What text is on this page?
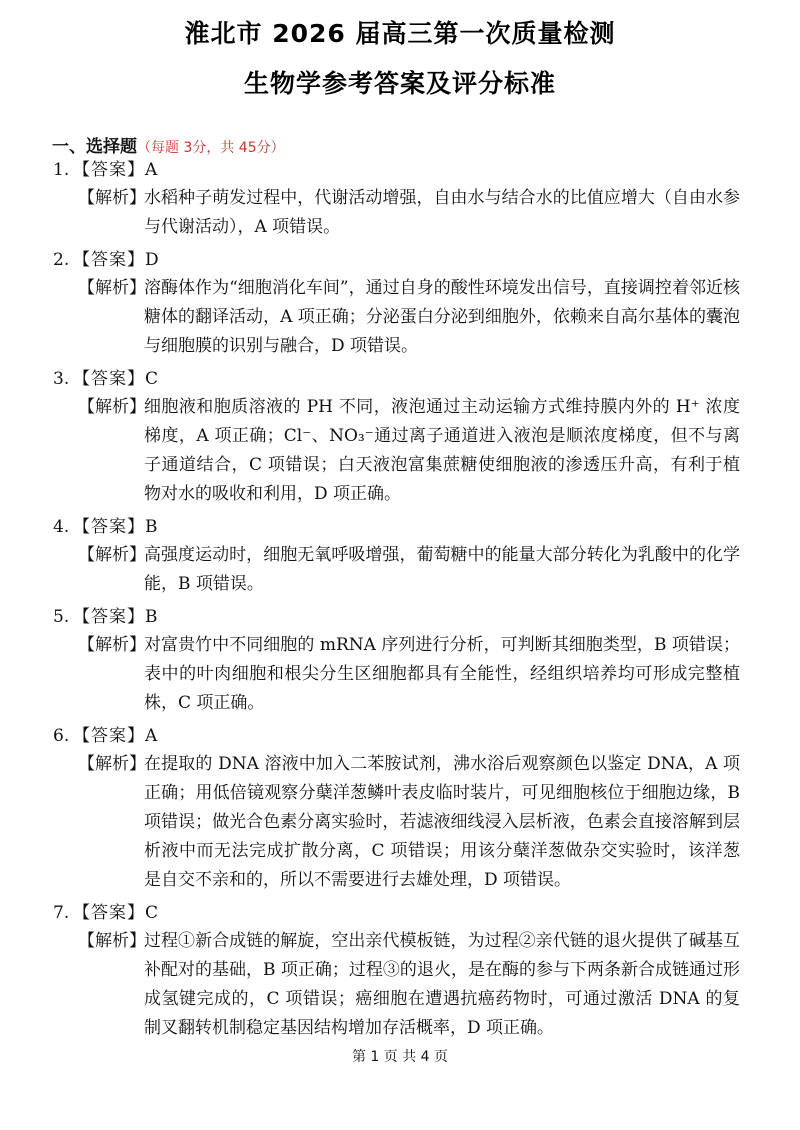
淮北市 2026 届高三第一次质量检测
生物学参考答案及评分标准
一、选择题（每题 3分，共 45分）
1. 【答案】A
【解析】
水稻种子萌发过程中，代谢活动增强，自由水与结合水的比值应增大（自由水参与代谢活动），A 项错误。
2. 【答案】D
【解析】
溶酶体作为“细胞消化车间”，通过自身的酸性环境发出信号，直接调控着邻近核糖体的翻译活动，A 项正确；分泌蛋白分泌到细胞外，依赖来自高尔基体的囊泡与细胞膜的识别与融合，D 项错误。
3. 【答案】C
【解析】
细胞液和胞质溶液的 PH 不同，液泡通过主动运输方式维持膜内外的 H⁺ 浓度梯度，A 项正确；Cl⁻、NO₃⁻通过离子通道进入液泡是顺浓度梯度，但不与离子通道结合，C 项错误；白天液泡富集蔗糖使细胞液的渗透压升高，有利于植物对水的吸收和利用，D 项正确。
4. 【答案】B
【解析】
高强度运动时，细胞无氧呼吸增强，葡萄糖中的能量大部分转化为乳酸中的化学能，B 项错误。
5. 【答案】B
【解析】
对富贵竹中不同细胞的 mRNA 序列进行分析，可判断其细胞类型，B 项错误；表中的叶肉细胞和根尖分生区细胞都具有全能性，经组织培养均可形成完整植株，C 项正确。
6. 【答案】A
【解析】
在提取的 DNA 溶液中加入二苯胺试剂，沸水浴后观察颜色以鉴定 DNA，A 项正确；用低倍镜观察分蘖洋葱鳞叶表皮临时装片，可见细胞核位于细胞边缘，B 项错误；做光合色素分离实验时，若滤液细线浸入层析液，色素会直接溶解到层析液中而无法完成扩散分离，C 项错误；用该分蘖洋葱做杂交实验时，该洋葱是自交不亲和的，所以不需要进行去雄处理，D 项错误。
7. 【答案】C
【解析】
过程①新合成链的解旋，空出亲代模板链，为过程②亲代链的退火提供了碱基互补配对的基础，B 项正确；过程③的退火，是在酶的参与下两条新合成链通过形成氢键完成的，C 项错误；癌细胞在遭遇抗癌药物时，可通过激活 DNA 的复制叉翻转机制稳定基因结构增加存活概率，D 项正确。
第 1 页 共 4 页
